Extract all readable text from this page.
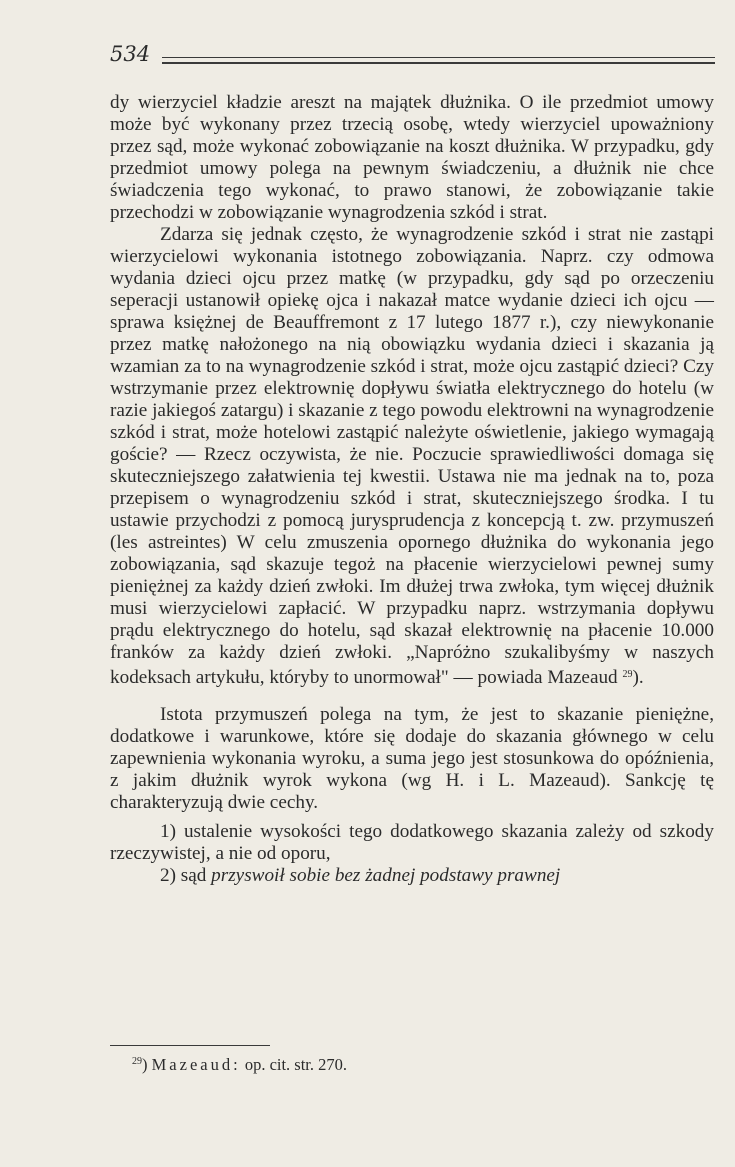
534

dy wierzyciel kładzie areszt na majątek dłużnika. O ile przedmiot umowy może być wykonany przez trzecią osobę, wtedy wierzyciel upoważniony przez sąd, może wykonać zobowiązanie na koszt dłużnika. W przypadku, gdy przedmiot umowy polega na pewnym świadczeniu, a dłużnik nie chce świadczenia tego wykonać, to prawo stanowi, że zobowiązanie takie przechodzi w zobowiązanie wynagrodzenia szkód i strat.

Zdarza się jednak często, że wynagrodzenie szkód i strat nie zastąpi wierzycielowi wykonania istotnego zobowiązania. Naprz. czy odmowa wydania dzieci ojcu przez matkę (w przypadku, gdy sąd po orzeczeniu seperacji ustanowił opiekę ojca i nakazał matce wydanie dzieci ich ojcu — sprawa księżnej de Beauffremont z 17 lutego 1877 r.), czy niewykonanie przez matkę nałożonego na nią obowiązku wydania dzieci i skazania ją wzamian za to na wynagrodzenie szkód i strat, może ojcu zastąpić dzieci? Czy wstrzymanie przez elektrownię dopływu światła elektrycznego do hotelu (w razie jakiegoś zatargu) i skazanie z tego powodu elektrowni na wynagrodzenie szkód i strat, może hotelowi zastąpić należyte oświetlenie, jakiego wymagają goście? — Rzecz oczywista, że nie. Poczucie sprawiedliwości domaga się skuteczniejszego załatwienia tej kwestii. Ustawa nie ma jednak na to, poza przepisem o wynagrodzeniu szkód i strat, skuteczniejszego środka. I tu ustawie przychodzi z pomocą jurysprudencja z koncepcją t. zw. przymuszeń (les astreintes) W celu zmuszenia opornego dłużnika do wykonania jego zobowiązania, sąd skazuje tegoż na płacenie wierzycielowi pewnej sumy pieniężnej za każdy dzień zwłoki. Im dłużej trwa zwłoka, tym więcej dłużnik musi wierzycielowi zapłacić. W przypadku naprz. wstrzymania dopływu prądu elektrycznego do hotelu, sąd skazał elektrownię na płacenie 10.000 franków za każdy dzień zwłoki. „Napróżno szukalibyśmy w naszych kodeksach artykułu, któryby to unormował" — powiada Mazeaud $^{29}$).

Istota przymuszeń polega na tym, że jest to skazanie pieniężne, dodatkowe i warunkowe, które się dodaje do skazania głównego w celu zapewnienia wykonania wyroku, a suma jego jest stosunkowa do opóźnienia, z jakim dłużnik wyrok wykona (wg H. i L. Mazeaud). Sankcję tę charakteryzują dwie cechy.

1) ustalenie wysokości tego dodatkowego skazania zależy od szkody rzeczywistej, a nie od oporu,

2) sąd przyswoił sobie bez żadnej podstawy prawnej

$^{29}$) Mazeaud: op. cit. str. 270.
